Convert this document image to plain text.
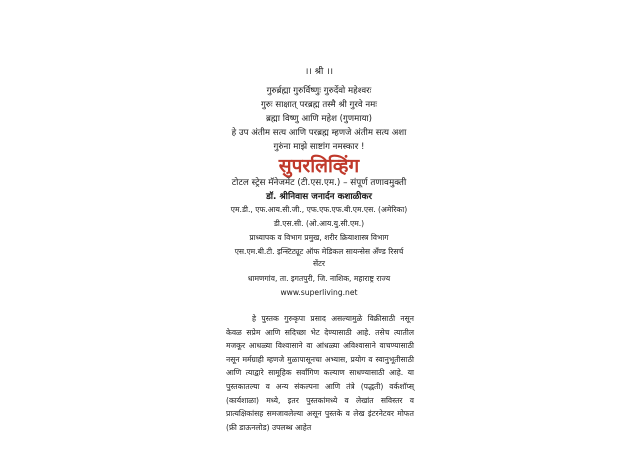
।। श्री ।।
गुरुर्ब्रह्मा गुरुर्विष्णुः गुरुर्देवो महेश्वरः
गुरुः साक्षात् परब्रह्म तस्मै श्री गुरवे नमः
ब्रह्मा विष्णु आणि महेश (गुणमाया)
हे उप अंतीम सत्य आणि परब्रह्म म्हणजे अंतीम सत्य अशा
गुरुंना माझे साष्टांग नमस्कार !
सुपरलिव्हिंग
टोटल स्ट्रेस मॅनेजमेंट (टी.एस.एम.) – संपूर्ण तणावमुक्ती
डॉ. श्रीनिवास जनार्दन कशाळीकर
एम.डी., एफ.आय.सी.जी., एफ.एफ.एफ.बी.एम.एस. (अमेरिका)
डी.एस.सी. (ओ.आय.यु.सी.एम.)
प्राध्यापक व विभाग प्रमुख, शरीर क्रियाशास्त्र विभाग
एस.एम.बी.टी. इन्स्टिट्यूट ऑफ मेडिकल सायन्सेस अँण्ड रिसर्च
सेंटर
धामणगांव, ता. इगतपुरी, जि. नाशिक, महाराष्ट्र राज्य
www.superliving.net

हे पुस्तक गुरुकृपा प्रसाद असल्यामुळे विक्रीसाठी नसून केवळ सप्रेम आणि सदिच्छा भेट देण्यासाठी आहे. तसेच त्यातील मजकूर आधळ्या विश्वासाने वा आंधळ्या अविश्वासाने वाचण्यासाठी नसून मर्मग्राही म्हणजे मुळापासूनचा अभ्यास, प्रयोग व स्वानुभूतीसाठी आणि त्याद्वारे सामूहिक सर्वांगिण कल्याण साधण्यासाठी आहे. या पुस्तकातल्या व अन्य संकल्पना आणि तंत्रे (पद्धती) वर्कशॉप्स् (कार्यशाळा) मध्ये, इतर पुस्तकांमध्ये व लेखांत सविस्तर व प्रात्यक्षिकांसह समजावलेल्या असून पुस्तके व लेख इंटरनेटवर मोफत (फ्री डाऊनलोड) उपलब्ध आहेत
